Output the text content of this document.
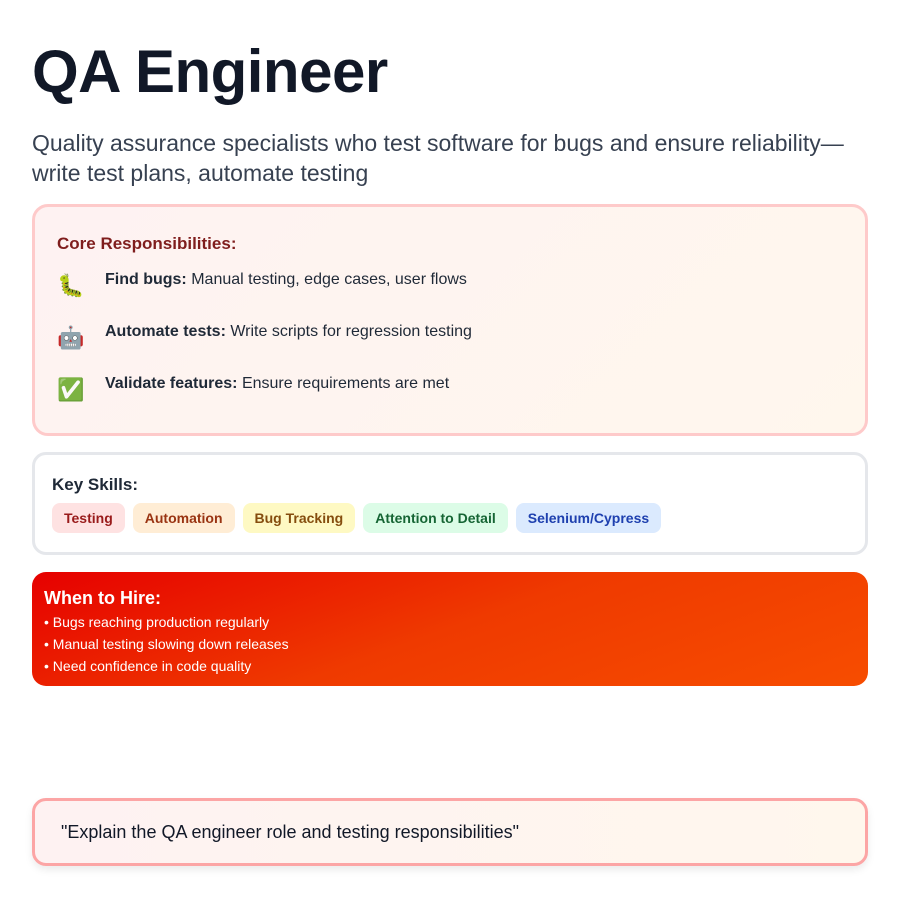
QA Engineer

Quality assurance specialists who test software for bugs and ensure reliability—write test plans, automate testing

Core Responsibilities:
🐛	Find bugs: Manual testing, edge cases, user flows
🤖	Automate tests: Write scripts for regression testing
✅	Validate features: Ensure requirements are met
Key Skills:
Testing	Automation	Bug Tracking	Attention to Detail	Selenium/Cypress
When to Hire:
• Bugs reaching production regularly
• Manual testing slowing down releases
• Need confidence in code quality
"Explain the QA engineer role and testing responsibilities"
